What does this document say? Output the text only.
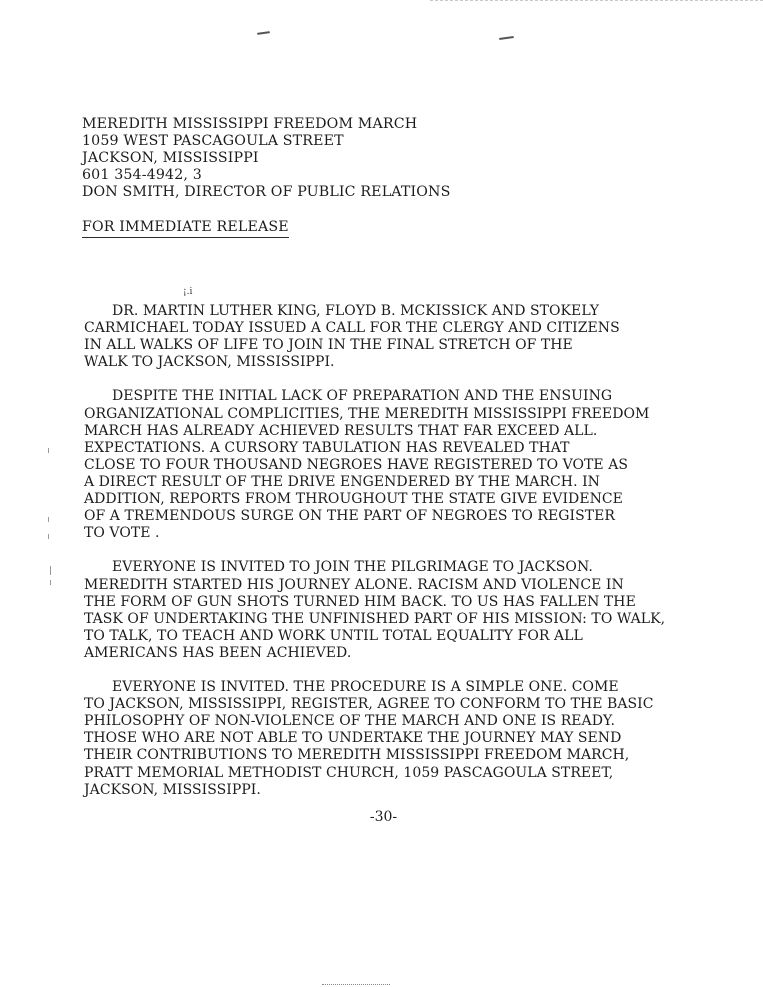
MEREDITH MISSISSIPPI FREEDOM MARCH
1059 WEST PASCAGOULA STREET
JACKSON, MISSISSIPPI
601 354-4942, 3
DON SMITH, DIRECTOR OF PUBLIC RELATIONS
FOR IMMEDIATE RELEASE
¡.i
DR. MARTIN LUTHER KING, FLOYD B. MCKISSICK AND STOKELY
CARMICHAEL TODAY ISSUED A CALL FOR THE CLERGY AND CITIZENS
IN ALL WALKS OF LIFE TO JOIN IN THE FINAL STRETCH OF THE
WALK TO JACKSON, MISSISSIPPI.
DESPITE THE INITIAL LACK OF PREPARATION AND THE ENSUING
ORGANIZATIONAL COMPLICITIES, THE MEREDITH MISSISSIPPI FREEDOM
MARCH HAS ALREADY ACHIEVED RESULTS THAT FAR EXCEED ALL.
EXPECTATIONS. A CURSORY TABULATION HAS REVEALED THAT
CLOSE TO FOUR THOUSAND NEGROES HAVE REGISTERED TO VOTE AS
A DIRECT RESULT OF THE DRIVE ENGENDERED BY THE MARCH. IN
ADDITION, REPORTS FROM THROUGHOUT THE STATE GIVE EVIDENCE
OF A TREMENDOUS SURGE ON THE PART OF NEGROES TO REGISTER
TO VOTE .
EVERYONE IS INVITED TO JOIN THE PILGRIMAGE TO JACKSON.
MEREDITH STARTED HIS JOURNEY ALONE. RACISM AND VIOLENCE IN
THE FORM OF GUN SHOTS TURNED HIM BACK. TO US HAS FALLEN THE
TASK OF UNDERTAKING THE UNFINISHED PART OF HIS MISSION: TO WALK,
TO TALK, TO TEACH AND WORK UNTIL TOTAL EQUALITY FOR ALL
AMERICANS HAS BEEN ACHIEVED.
EVERYONE IS INVITED. THE PROCEDURE IS A SIMPLE ONE. COME
TO JACKSON, MISSISSIPPI, REGISTER, AGREE TO CONFORM TO THE BASIC
PHILOSOPHY OF NON-VIOLENCE OF THE MARCH AND ONE IS READY.
THOSE WHO ARE NOT ABLE TO UNDERTAKE THE JOURNEY MAY SEND
THEIR CONTRIBUTIONS TO MEREDITH MISSISSIPPI FREEDOM MARCH,
PRATT MEMORIAL METHODIST CHURCH, 1059 PASCAGOULA STREET,
JACKSON, MISSISSIPPI.
-30-
